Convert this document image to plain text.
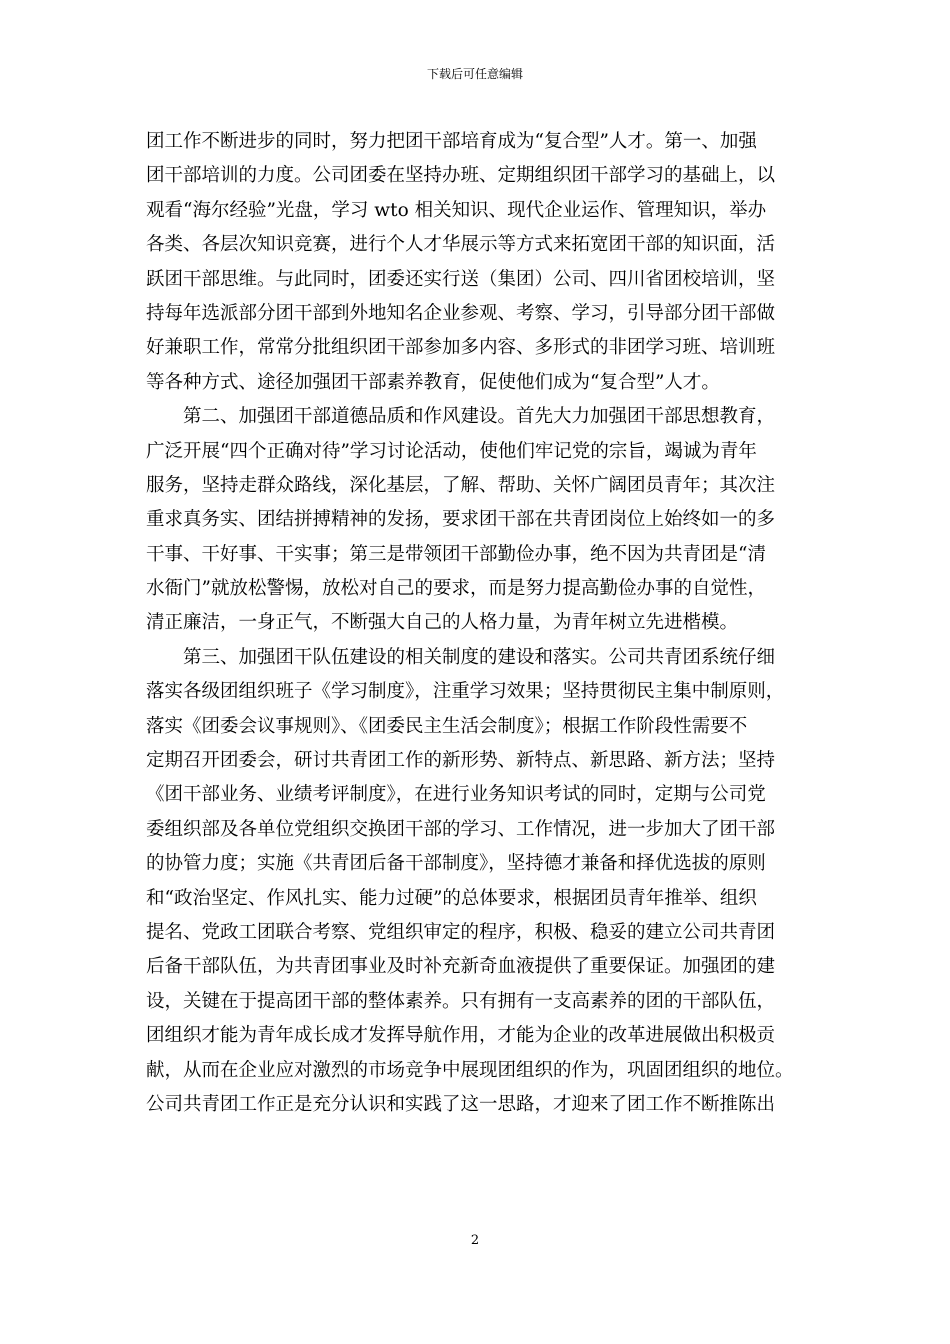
下载后可任意编辑
团工作不断进步的同时，努力把团干部培育成为“复合型”人才。第一、加强
团干部培训的力度。公司团委在坚持办班、定期组织团干部学习的基础上，以
观看“海尔经验”光盘，学习 wto 相关知识、现代企业运作、管理知识，举办
各类、各层次知识竞赛，进行个人才华展示等方式来拓宽团干部的知识面，活
跃团干部思维。与此同时，团委还实行送（集团）公司、四川省团校培训，坚
持每年选派部分团干部到外地知名企业参观、考察、学习，引导部分团干部做
好兼职工作，常常分批组织团干部参加多内容、多形式的非团学习班、培训班
等各种方式、途径加强团干部素养教育，促使他们成为“复合型”人才。
第二、加强团干部道德品质和作风建设。首先大力加强团干部思想教育，
广泛开展“四个正确对待”学习讨论活动，使他们牢记党的宗旨，竭诚为青年
服务，坚持走群众路线，深化基层，了解、帮助、关怀广阔团员青年；其次注
重求真务实、团结拼搏精神的发扬，要求团干部在共青团岗位上始终如一的多
干事、干好事、干实事；第三是带领团干部勤俭办事，绝不因为共青团是“清
水衙门”就放松警惕，放松对自己的要求，而是努力提高勤俭办事的自觉性，
清正廉洁，一身正气，不断强大自己的人格力量，为青年树立先进楷模。
第三、加强团干队伍建设的相关制度的建设和落实。公司共青团系统仔细
落实各级团组织班子《学习制度》，注重学习效果；坚持贯彻民主集中制原则，
落实《团委会议事规则》、《团委民主生活会制度》；根据工作阶段性需要不
定期召开团委会，研讨共青团工作的新形势、新特点、新思路、新方法；坚持
《团干部业务、业绩考评制度》，在进行业务知识考试的同时，定期与公司党
委组织部及各单位党组织交换团干部的学习、工作情况，进一步加大了团干部
的协管力度；实施《共青团后备干部制度》，坚持德才兼备和择优选拔的原则
和“政治坚定、作风扎实、能力过硬”的总体要求，根据团员青年推举、组织
提名、党政工团联合考察、党组织审定的程序，积极、稳妥的建立公司共青团
后备干部队伍，为共青团事业及时补充新奇血液提供了重要保证。加强团的建
设，关键在于提高团干部的整体素养。只有拥有一支高素养的团的干部队伍，
团组织才能为青年成长成才发挥导航作用，才能为企业的改革进展做出积极贡
献，从而在企业应对激烈的市场竞争中展现团组织的作为，巩固团组织的地位。
公司共青团工作正是充分认识和实践了这一思路，才迎来了团工作不断推陈出
2
